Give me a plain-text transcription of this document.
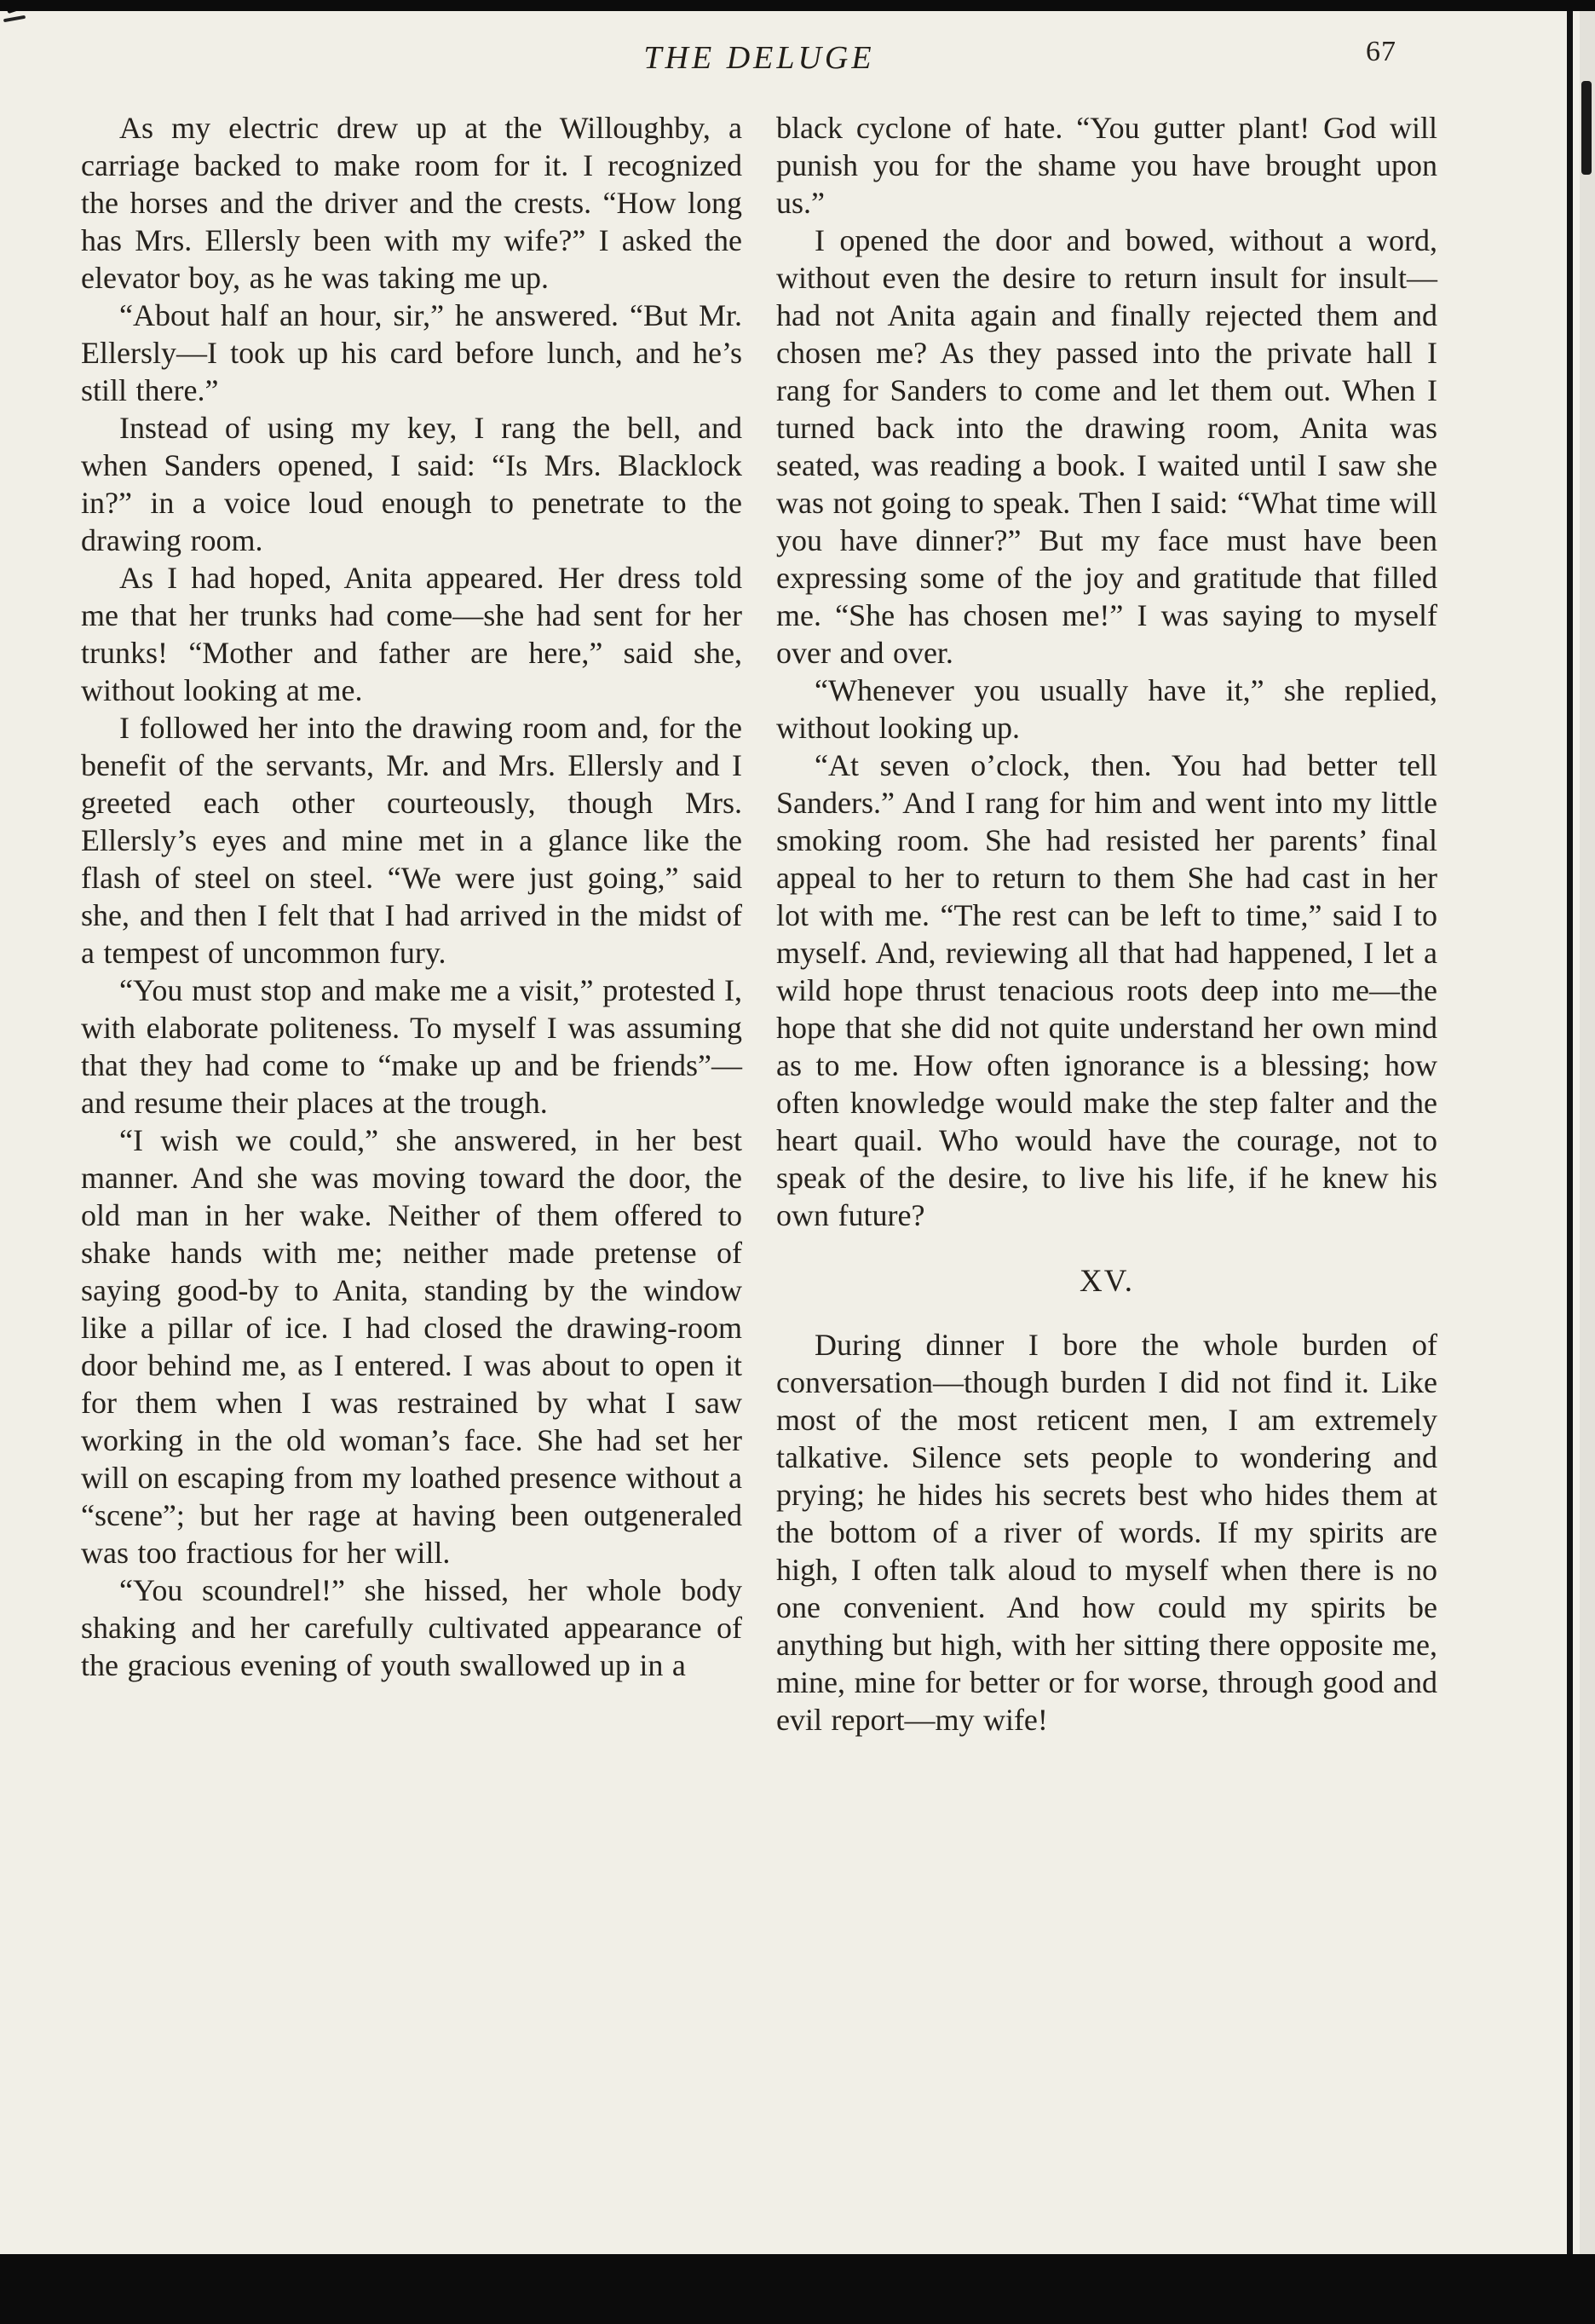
THE DELUGE	67

As my electric drew up at the Willoughby, a carriage backed to make room for it. I recognized the horses and the driver and the crests. “How long has Mrs. Ellersly been with my wife?” I asked the elevator boy, as he was taking me up.

“About half an hour, sir,” he answered. “But Mr. Ellersly—I took up his card before lunch, and he’s still there.”

Instead of using my key, I rang the bell, and when Sanders opened, I said: “Is Mrs. Blacklock in?” in a voice loud enough to penetrate to the drawing room.

As I had hoped, Anita appeared. Her dress told me that her trunks had come—she had sent for her trunks! “Mother and father are here,” said she, without looking at me.

I followed her into the drawing room and, for the benefit of the servants, Mr. and Mrs. Ellersly and I greeted each other courteously, though Mrs. Ellersly’s eyes and mine met in a glance like the flash of steel on steel. “We were just going,” said she, and then I felt that I had arrived in the midst of a tempest of uncommon fury.

“You must stop and make me a visit,” protested I, with elaborate politeness. To myself I was assuming that they had come to “make up and be friends”—and resume their places at the trough.

“I wish we could,” she answered, in her best manner. And she was moving toward the door, the old man in her wake. Neither of them offered to shake hands with me; neither made pretense of saying good-by to Anita, standing by the window like a pillar of ice. I had closed the drawing-room door behind me, as I entered. I was about to open it for them when I was restrained by what I saw working in the old woman’s face. She had set her will on escaping from my loathed presence without a “scene”; but her rage at having been outgeneraled was too fractious for her will.

“You scoundrel!” she hissed, her whole body shaking and her carefully cultivated appearance of the gracious evening of youth swallowed up in a

black cyclone of hate. “You gutter plant! God will punish you for the shame you have brought upon us.”

I opened the door and bowed, without a word, without even the desire to return insult for insult—had not Anita again and finally rejected them and chosen me? As they passed into the private hall I rang for Sanders to come and let them out. When I turned back into the drawing room, Anita was seated, was reading a book. I waited until I saw she was not going to speak. Then I said: “What time will you have dinner?” But my face must have been expressing some of the joy and gratitude that filled me. “She has chosen me!” I was saying to myself over and over.

“Whenever you usually have it,” she replied, without looking up.

“At seven o’clock, then. You had better tell Sanders.” And I rang for him and went into my little smoking room. She had resisted her parents’ final appeal to her to return to them She had cast in her lot with me. “The rest can be left to time,” said I to myself. And, reviewing all that had happened, I let a wild hope thrust tenacious roots deep into me—the hope that she did not quite understand her own mind as to me. How often ignorance is a blessing; how often knowledge would make the step falter and the heart quail. Who would have the courage, not to speak of the desire, to live his life, if he knew his own future?

XV.

During dinner I bore the whole burden of conversation—though burden I did not find it. Like most of the most reticent men, I am extremely talkative. Silence sets people to wondering and prying; he hides his secrets best who hides them at the bottom of a river of words. If my spirits are high, I often talk aloud to myself when there is no one convenient. And how could my spirits be anything but high, with her sitting there opposite me, mine, mine for better or for worse, through good and evil report—my wife!
